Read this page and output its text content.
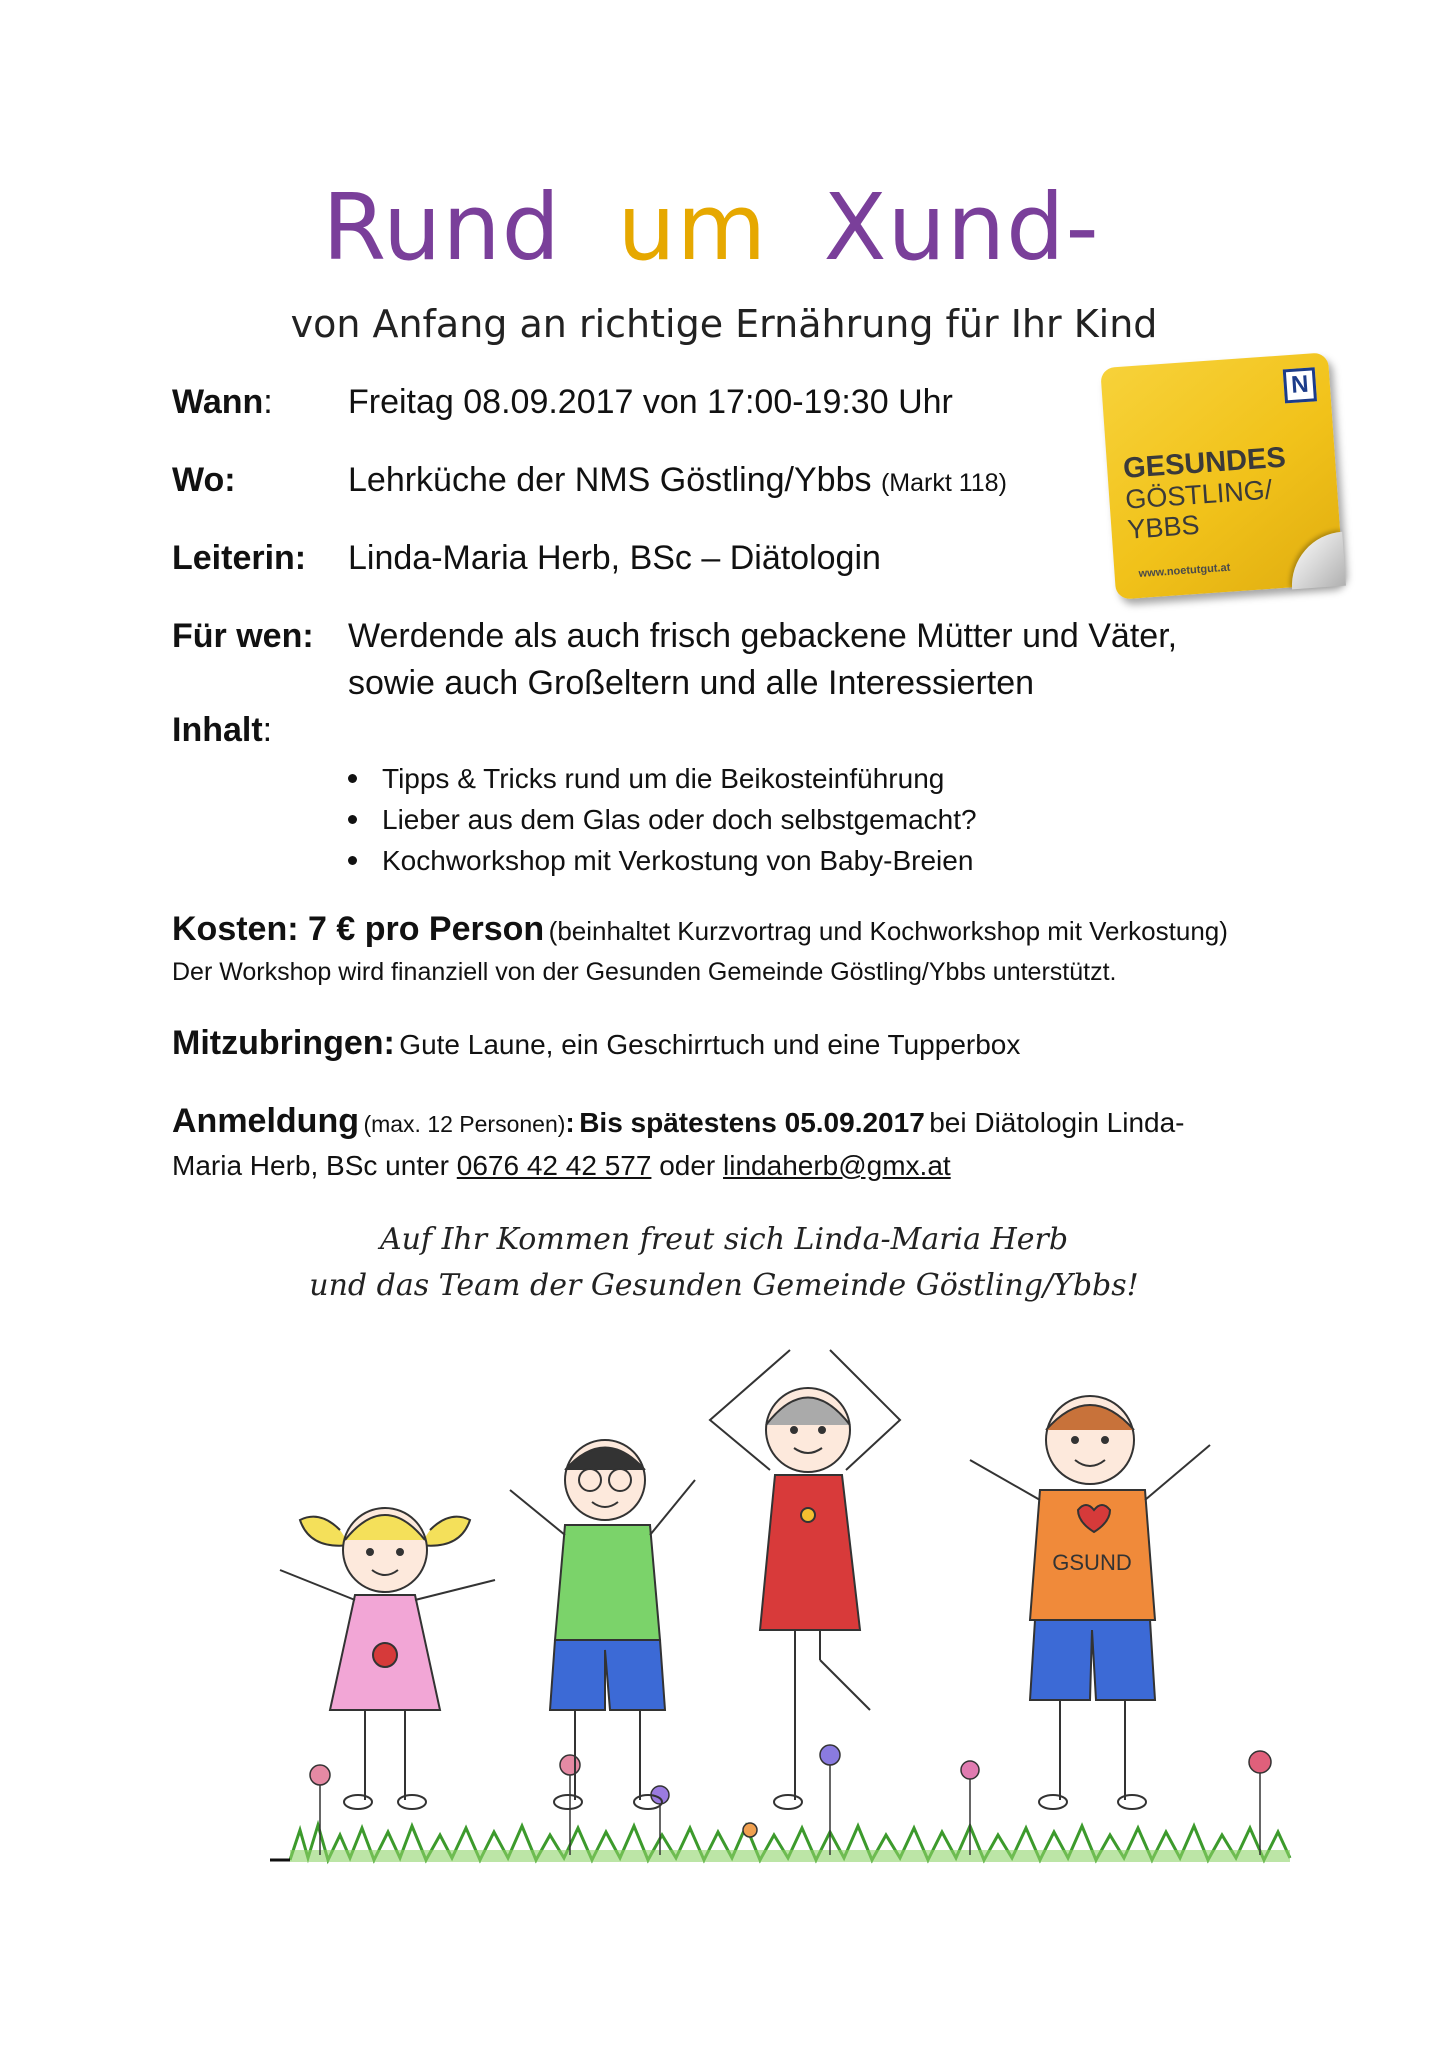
Rund um Xund-
von Anfang an richtige Ernährung für Ihr Kind
Wann: Freitag 08.09.2017 von 17:00-19:30 Uhr
Wo:	Lehrküche der NMS Göstling/Ybbs (Markt 118)
Leiterin: Linda-Maria Herb, BSc – Diätologin
Für wen: Werdende als auch frisch gebackene Mütter und Väter,
sowie auch Großeltern und alle Interessierten
Inhalt:
Tipps & Tricks rund um die Beikosteinführung
Lieber aus dem Glas oder doch selbstgemacht?
Kochworkshop mit Verkostung von Baby-Breien
Kosten: 7 € pro Person (beinhaltet Kurzvortrag und Kochworkshop mit Verkostung)
Der Workshop wird finanziell von der Gesunden Gemeinde Göstling/Ybbs unterstützt.
Mitzubringen: Gute Laune, ein Geschirrtuch und eine Tupperbox
Anmeldung (max. 12 Personen): Bis spätestens 05.09.2017 bei Diätologin Linda-
Maria Herb, BSc unter 0676 42 42 577 oder lindaherb@gmx.at
Auf Ihr Kommen freut sich Linda-Maria Herb
und das Team der Gesunden Gemeinde Göstling/Ybbs!
N
GESUNDES
GÖSTLING/
YBBS
www.noetutgut.at
GSUND
